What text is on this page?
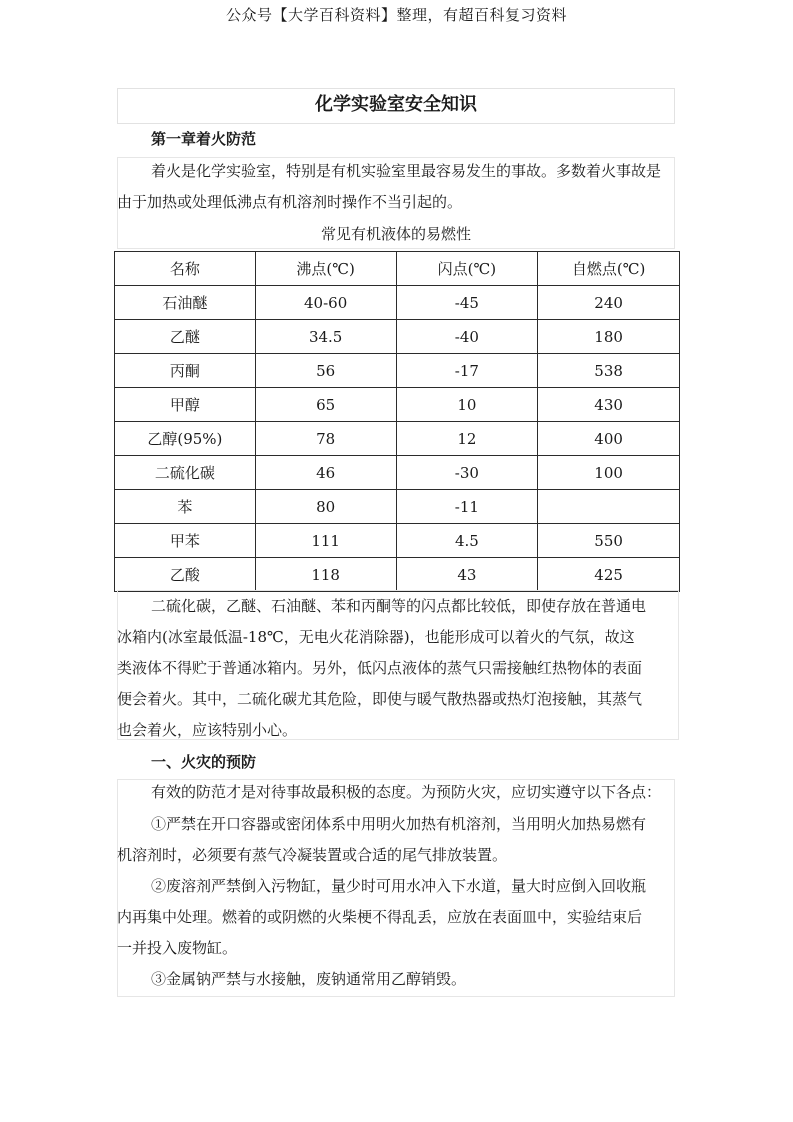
公众号【大学百科资料】整理，有超百科复习资料
化学实验室安全知识
第一章着火防范
着火是化学实验室，特别是有机实验室里最容易发生的事故。多数着火事故是
由于加热或处理低沸点有机溶剂时操作不当引起的。
常见有机液体的易燃性
名称	沸点(℃)	闪点(℃)	自燃点(℃)
石油醚	40-60	-45	240
乙醚	34.5	-40	180
丙酮	56	-17	538
甲醇	65	10	430
乙醇(95%)	78	12	400
二硫化碳	46	-30	100
苯	80	-11	
甲苯	111	4.5	550
乙酸	118	43	425
二硫化碳，乙醚、石油醚、苯和丙酮等的闪点都比较低，即使存放在普通电
冰箱内(冰室最低温-18℃，无电火花消除器)，也能形成可以着火的气氛，故这
类液体不得贮于普通冰箱内。另外，低闪点液体的蒸气只需接触红热物体的表面
便会着火。其中，二硫化碳尤其危险，即使与暖气散热器或热灯泡接触，其蒸气
也会着火，应该特别小心。
一、火灾的预防
有效的防范才是对待事故最积极的态度。为预防火灾，应切实遵守以下各点：
①严禁在开口容器或密闭体系中用明火加热有机溶剂，当用明火加热易燃有
机溶剂时，必须要有蒸气冷凝装置或合适的尾气排放装置。
②废溶剂严禁倒入污物缸，量少时可用水冲入下水道，量大时应倒入回收瓶
内再集中处理。燃着的或阴燃的火柴梗不得乱丢，应放在表面皿中，实验结束后
一并投入废物缸。
③金属钠严禁与水接触，废钠通常用乙醇销毁。
